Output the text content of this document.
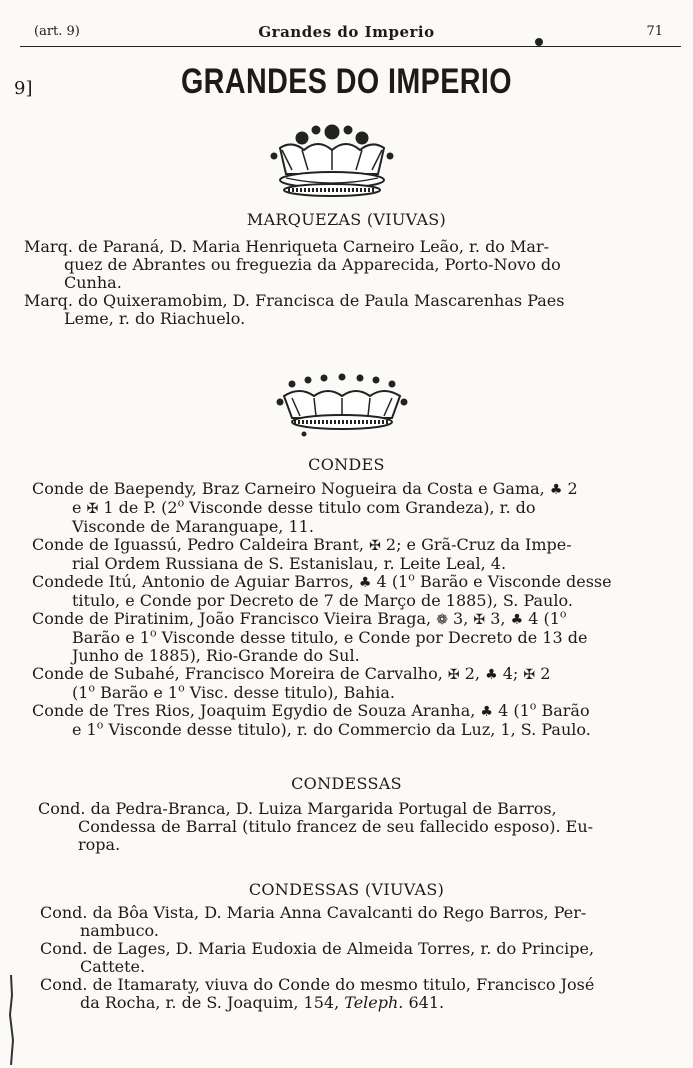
(art. 9)	Grandes do Imperio	71
9]	GRANDES DO IMPERIO
MARQUEZAS (VIUVAS)
Marq. de Paraná, D. Maria Henriqueta Carneiro Leão, r. do Mar-
quez de Abrantes ou freguezia da Apparecida, Porto-Novo do
Cunha.
Marq. do Quixeramobim, D. Francisca de Paula Mascarenhas Paes
Leme, r. do Riachuelo.
CONDES
Conde de Baependy, Braz Carneiro Nogueira da Costa e Gama, ♣ 2
e ✠ 1 de P. (2$^o$ Visconde desse titulo com Grandeza), r. do
Visconde de Maranguape, 11.
Conde de Iguassú, Pedro Caldeira Brant, ✠ 2; e Grã-Cruz da Impe-
rial Ordem Russiana de S. Estanislau, r. Leite Leal, 4.
Condede Itú, Antonio de Aguiar Barros, ♣ 4 (1$^o$ Barão e Visconde desse
titulo, e Conde por Decreto de 7 de Março de 1885), S. Paulo.
Conde de Piratinim, João Francisco Vieira Braga, ❁ 3, ✠ 3, ♣ 4 (1$^o$
Barão e 1$^o$ Visconde desse titulo, e Conde por Decreto de 13 de
Junho de 1885), Rio-Grande do Sul.
Conde de Subahé, Francisco Moreira de Carvalho, ✠ 2, ♣ 4; ✠ 2
(1$^o$ Barão e 1$^o$ Visc. desse titulo), Bahia.
Conde de Tres Rios, Joaquim Egydio de Souza Aranha, ♣ 4 (1$^o$ Barão
e 1$^o$ Visconde desse titulo), r. do Commercio da Luz, 1, S. Paulo.
CONDESSAS
Cond. da Pedra-Branca, D. Luiza Margarida Portugal de Barros,
Condessa de Barral (titulo francez de seu fallecido esposo). Eu-
ropa.
CONDESSAS (VIUVAS)
Cond. da Bôa Vista, D. Maria Anna Cavalcanti do Rego Barros, Per-
nambuco.
Cond. de Lages, D. Maria Eudoxia de Almeida Torres, r. do Principe,
Cattete.
Cond. de Itamaraty, viuva do Conde do mesmo titulo, Francisco José
da Rocha, r. de S. Joaquim, 154, Teleph. 641.
